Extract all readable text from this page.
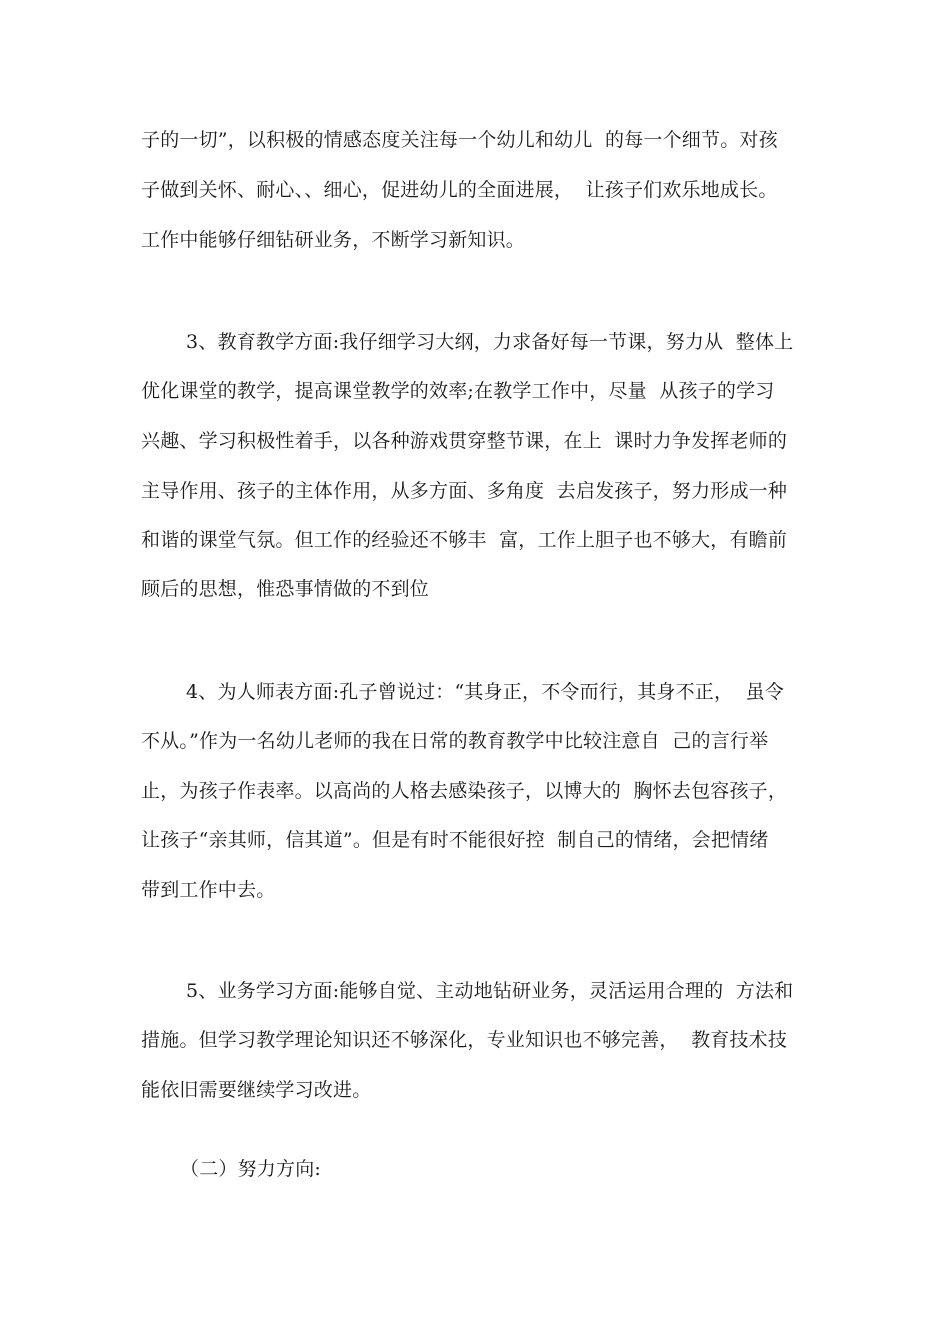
子的一切”，以积极的情感态度关注每一个幼儿和幼儿  的每一个细节。对孩
子做到关怀、耐心、、细心，促进幼儿的全面进展，  让孩子们欢乐地成长。
工作中能够仔细钻研业务，不断学习新知识。
3、教育教学方面:我仔细学习大纲，力求备好每一节课，努力从  整体上
优化课堂的教学，提高课堂教学的效率;在教学工作中，尽量  从孩子的学习
兴趣、学习积极性着手，以各种游戏贯穿整节课，在上  课时力争发挥老师的
主导作用、孩子的主体作用，从多方面、多角度  去启发孩子，努力形成一种
和谐的课堂气氛。但工作的经验还不够丰  富，工作上胆子也不够大，有瞻前
顾后的思想，惟恐事情做的不到位
4、为人师表方面:孔子曾说过：“其身正，不令而行，其身不正，  虽令
不从。”作为一名幼儿老师的我在日常的教育教学中比较注意自  己的言行举
止，为孩子作表率。以高尚的人格去感染孩子，以博大的  胸怀去包容孩子，
让孩子“亲其师，信其道”。但是有时不能很好控  制自己的情绪，会把情绪
带到工作中去。
5、业务学习方面:能够自觉、主动地钻研业务，灵活运用合理的  方法和
措施。但学习教学理论知识还不够深化，专业知识也不够完善，  教育技术技
能依旧需要继续学习改进。
（二）努力方向:
